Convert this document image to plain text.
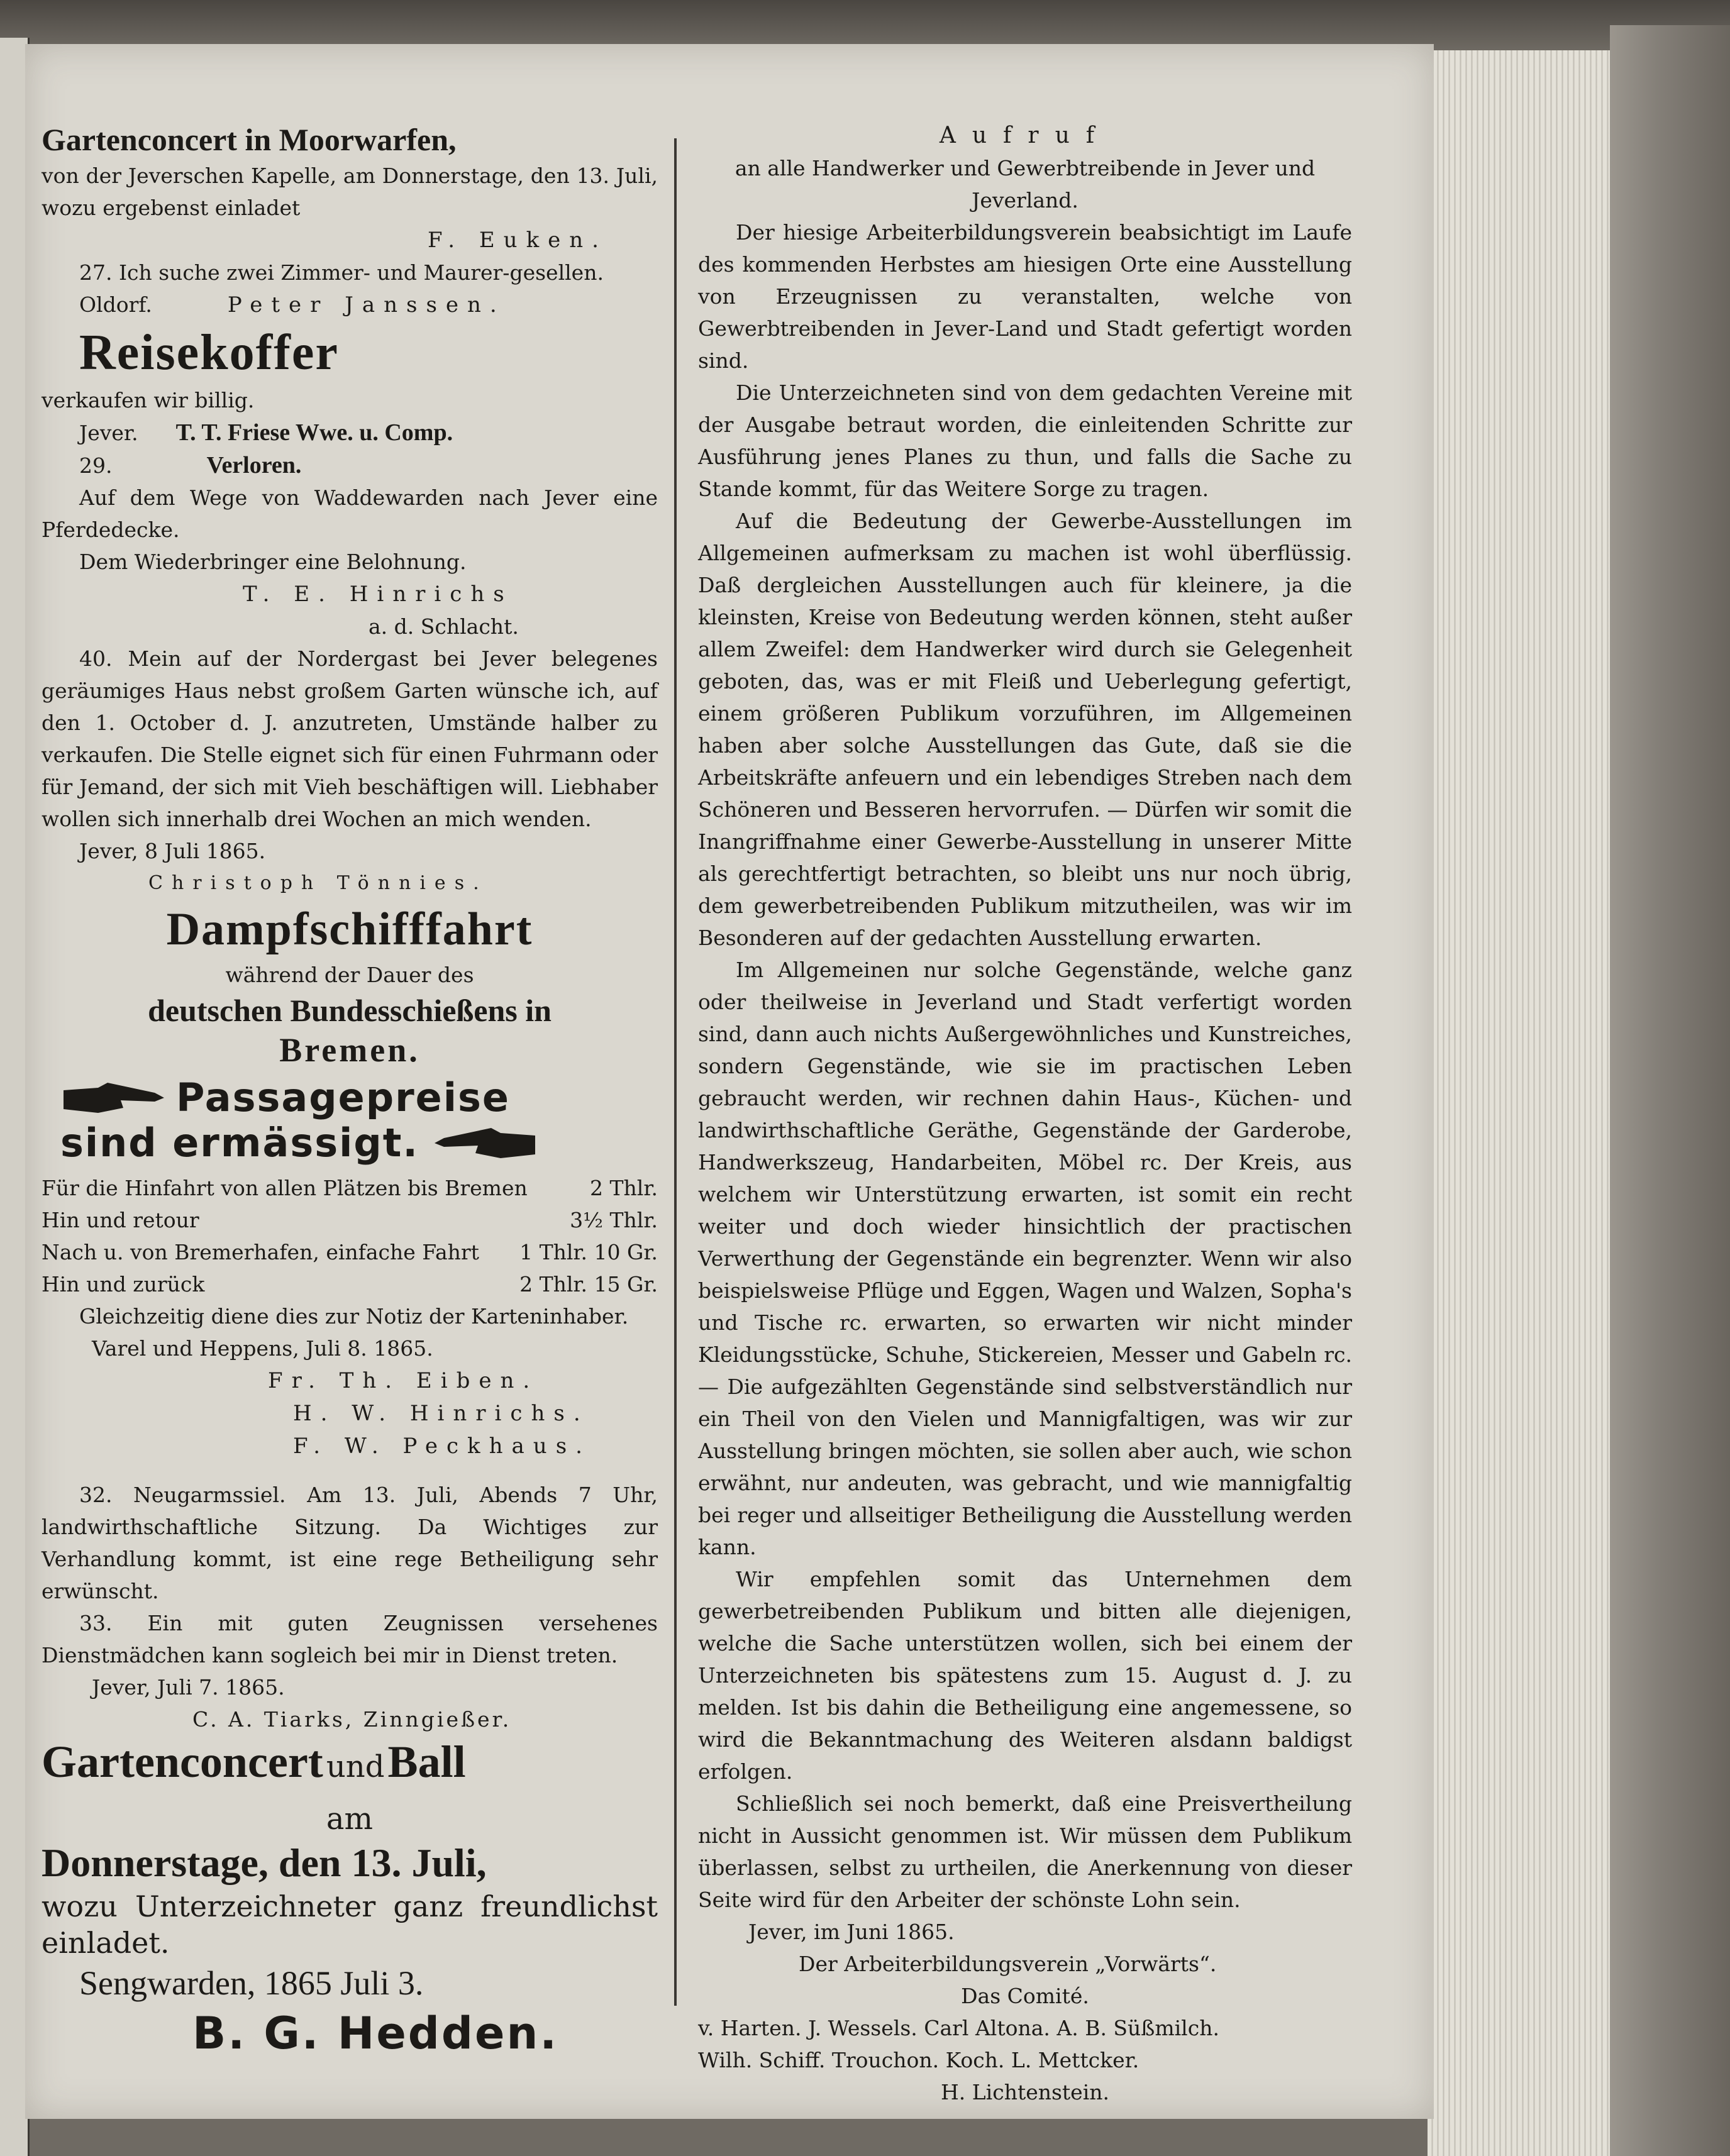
Gartenconcert in Moorwarfen,

von der Jeverschen Kapelle, am Donnerstage, den 13. Juli, wozu ergebenst einladet

F. Euken.

27. Ich suche zwei Zimmer- und Maurer-gesellen.

Oldorf.	Peter Janssen.

Reisekoffer

verkaufen wir billig.

Jever. T. T. Friese Wwe. u. Comp.

29.	Verloren.

Auf dem Wege von Waddewarden nach Jever eine Pferdedecke.

Dem Wiederbringer eine Belohnung.

T. E. Hinrichs

a. d. Schlacht.

40. Mein auf der Nordergast bei Jever belegenes geräumiges Haus nebst großem Garten wünsche ich, auf den 1. October d. J. anzutreten, Umstände halber zu verkaufen. Die Stelle eignet sich für einen Fuhrmann oder für Jemand, der sich mit Vieh beschäftigen will. Liebhaber wollen sich innerhalb drei Wochen an mich wenden.

Jever, 8 Juli 1865.

Christoph Tönnies.

Dampfschifffahrt

während der Dauer des

deutschen Bundesschießens in

Bremen.

Passagepreise
sind ermässigt.
Für die Hinfahrt von allen Plätzen bis Bremen	2 Thlr.
Hin und retour	3½ Thlr.
Nach u. von Bremerhafen, einfache Fahrt 1 Thlr. 10 Gr.
Hin und zurück	2 Thlr. 15 Gr.

Gleichzeitig diene dies zur Notiz der Karteninhaber.

Varel und Heppens, Juli 8. 1865.

Fr. Th. Eiben.

H. W. Hinrichs.

F. W. Peckhaus.

32. Neugarmssiel. Am 13. Juli, Abends 7 Uhr, landwirthschaftliche Sitzung. Da Wichtiges zur Verhandlung kommt, ist eine rege Betheiligung sehr erwünscht.

33. Ein mit guten Zeugnissen versehenes Dienstmädchen kann sogleich bei mir in Dienst treten.

Jever, Juli 7. 1865.

C. A. Tiarks, Zinngießer.

Gartenconcert und Ball

am

Donnerstage, den 13. Juli,

wozu Unterzeichneter ganz freundlichst einladet.

Sengwarden, 1865 Juli 3.

B. G. Hedden.

Aufruf

an alle Handwerker und Gewerbtreibende in Jever und Jeverland.

Der hiesige Arbeiterbildungsverein beabsichtigt im Laufe des kommenden Herbstes am hiesigen Orte eine Ausstellung von Erzeugnissen zu veranstalten, welche von Gewerbtreibenden in Jever-Land und Stadt gefertigt worden sind.

Die Unterzeichneten sind von dem gedachten Vereine mit der Ausgabe betraut worden, die einleitenden Schritte zur Ausführung jenes Planes zu thun, und falls die Sache zu Stande kommt, für das Weitere Sorge zu tragen.

Auf die Bedeutung der Gewerbe-Ausstellungen im Allgemeinen aufmerksam zu machen ist wohl überflüssig. Daß dergleichen Ausstellungen auch für kleinere, ja die kleinsten, Kreise von Bedeutung werden können, steht außer allem Zweifel: dem Handwerker wird durch sie Gelegenheit geboten, das, was er mit Fleiß und Ueberlegung gefertigt, einem größeren Publikum vorzuführen, im Allgemeinen haben aber solche Ausstellungen das Gute, daß sie die Arbeitskräfte anfeuern und ein lebendiges Streben nach dem Schöneren und Besseren hervorrufen. — Dürfen wir somit die Inangriffnahme einer Gewerbe-Ausstellung in unserer Mitte als gerechtfertigt betrachten, so bleibt uns nur noch übrig, dem gewerbetreibenden Publikum mitzutheilen, was wir im Besonderen auf der gedachten Ausstellung erwarten.

Im Allgemeinen nur solche Gegenstände, welche ganz oder theilweise in Jeverland und Stadt verfertigt worden sind, dann auch nichts Außergewöhnliches und Kunstreiches, sondern Gegenstände, wie sie im practischen Leben gebraucht werden, wir rechnen dahin Haus-, Küchen- und landwirthschaftliche Geräthe, Gegenstände der Garderobe, Handwerkszeug, Handarbeiten, Möbel rc. Der Kreis, aus welchem wir Unterstützung erwarten, ist somit ein recht weiter und doch wieder hinsichtlich der practischen Verwerthung der Gegenstände ein begrenzter. Wenn wir also beispielsweise Pflüge und Eggen, Wagen und Walzen, Sopha's und Tische rc. erwarten, so erwarten wir nicht minder Kleidungsstücke, Schuhe, Stickereien, Messer und Gabeln rc. — Die aufgezählten Gegenstände sind selbstverständlich nur ein Theil von den Vielen und Mannigfaltigen, was wir zur Ausstellung bringen möchten, sie sollen aber auch, wie schon erwähnt, nur andeuten, was gebracht, und wie mannigfaltig bei reger und allseitiger Betheiligung die Ausstellung werden kann.

Wir empfehlen somit das Unternehmen dem gewerbetreibenden Publikum und bitten alle diejenigen, welche die Sache unterstützen wollen, sich bei einem der Unterzeichneten bis spätestens zum 15. August d. J. zu melden. Ist bis dahin die Betheiligung eine angemessene, so wird die Bekanntmachung des Weiteren alsdann baldigst erfolgen.

Schließlich sei noch bemerkt, daß eine Preisvertheilung nicht in Aussicht genommen ist. Wir müssen dem Publikum überlassen, selbst zu urtheilen, die Anerkennung von dieser Seite wird für den Arbeiter der schönste Lohn sein.

Jever, im Juni 1865.

Der Arbeiterbildungsverein „Vorwärts“.

Das Comité.

v. Harten. J. Wessels. Carl Altona. A. B. Süßmilch.

Wilh. Schiff. Trouchon. Koch. L. Mettcker.

H. Lichtenstein.
